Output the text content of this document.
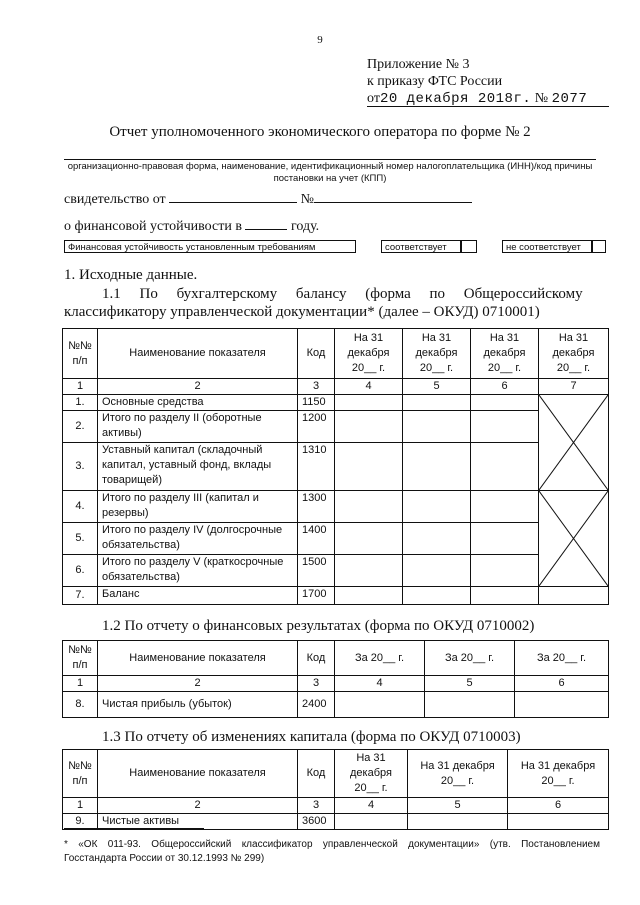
9
Приложение № 3
к приказу ФТС России
от20 декабря 2018г. № 2077
Отчет уполномоченного экономического оператора по форме № 2
организационно-правовая форма, наименование, идентификационный номер налогоплательщика (ИНН)/код причины постановки на учет (КПП)
свидетельство от	№
о финансовой устойчивости в	году.
Финансовая устойчивость установленным требованиям	соответствует	не соответствует
1. Исходные данные.
1.1     По     бухгалтерскому     балансу     (форма     по     Общероссийскому
классификатору управленческой документации* (далее – ОКУД) 0710001)
№№ п/п	Наименование показателя	Код	На 31 декабря 20__ г.	На 31 декабря 20__ г.	На 31 декабря 20__ г.	На 31 декабря 20__ г.
1	2	3	4	5	6	7
1.	Основные средства	1150				

2.	Итого по разделу II (оборотные активы)	1200				
3.	Уставный капитал (складочный капитал, уставный фонд, вклады товарищей)	1310				
4.	Итого по разделу III (капитал и резервы)	1300				

5.	Итого по разделу IV (долгосрочные обязательства)	1400				
6.	Итого по разделу V (краткосрочные обязательства)	1500				
7.	Баланс	1700				
1.2 По отчету о финансовых результатах (форма по ОКУД 0710002)
№№ п/п	Наименование показателя	Код	За 20__ г.	За 20__ г.	За 20__ г.
1	2	3	4	5	6
8.	Чистая прибыль (убыток)	2400			
1.3 По отчету об изменениях капитала (форма по ОКУД 0710003)
№№ п/п	Наименование показателя	Код	На 31 декабря 20__ г.	На 31 декабря 20__ г.	На 31 декабря 20__ г.
1	2	3	4	5	6
9.	Чистые активы	3600			
* «ОК 011-93. Общероссийский классификатор управленческой документации» (утв. Постановлением Госстандарта России от 30.12.1993 № 299)
